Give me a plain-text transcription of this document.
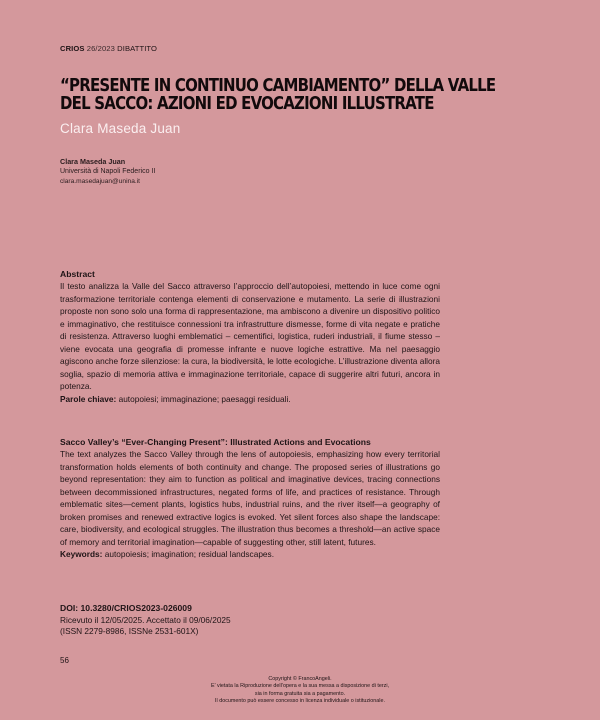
CRIOS 26/2023 DIBATTITO
“PRESENTE IN CONTINUO CAMBIAMENTO” DELLA VALLE
DEL SACCO: AZIONI ED EVOCAZIONI ILLUSTRATE
Clara Maseda Juan
Clara Maseda Juan
Università di Napoli Federico II
clara.masedajuan@unina.it
Abstract

Il testo analizza la Valle del Sacco attraverso l’approccio dell’autopoiesi, mettendo in luce come ogni trasformazione territoriale contenga elementi di conservazione e mutamento. La serie di illustrazioni proposte non sono solo una forma di rappresentazione, ma ambiscono a divenire un dispositivo politico e immaginativo, che restituisce connessioni tra infrastrutture dismesse, forme di vita negate e pratiche di resistenza. Attraverso luoghi emblematici – cementifici, logistica, ruderi industriali, il fiume stesso – viene evocata una geografia di promesse infrante e nuove logiche estrattive. Ma nel paesaggio agiscono anche forze silenziose: la cura, la biodiversità, le lotte ecologiche. L’illustrazione diventa allora soglia, spazio di memoria attiva e immaginazione territoriale, capace di suggerire altri futuri, ancora in potenza.

Parole chiave: autopoiesi; immaginazione; paesaggi residuali.

Sacco Valley’s “Ever-Changing Present”: Illustrated Actions and Evocations

The text analyzes the Sacco Valley through the lens of autopoiesis, emphasizing how every territorial transformation holds elements of both continuity and change. The proposed series of illustrations go beyond representation: they aim to function as political and imaginative devices, tracing connections between decommissioned infrastructures, negated forms of life, and practices of resistance. Through emblematic sites—cement plants, logistics hubs, industrial ruins, and the river itself—a geography of broken promises and renewed extractive logics is evoked. Yet silent forces also shape the landscape: care, biodiversity, and ecological struggles. The illustration thus becomes a threshold—an active space of memory and territorial imagination—capable of suggesting other, still latent, futures.

Keywords: autopoiesis; imagination; residual landscapes.

DOI: 10.3280/CRIOS2023-026009
Ricevuto il 12/05/2025. Accettato il 09/06/2025
(ISSN 2279-8986, ISSNe 2531-601X)
56
Copyright © FrancoAngeli.
E’ vietata la Riproduzione dell’opera e la sua messa a disposizione di terzi,
sia in forma gratuita sia a pagamento.
Il documento può essere concesso in licenza individuale o istituzionale.
